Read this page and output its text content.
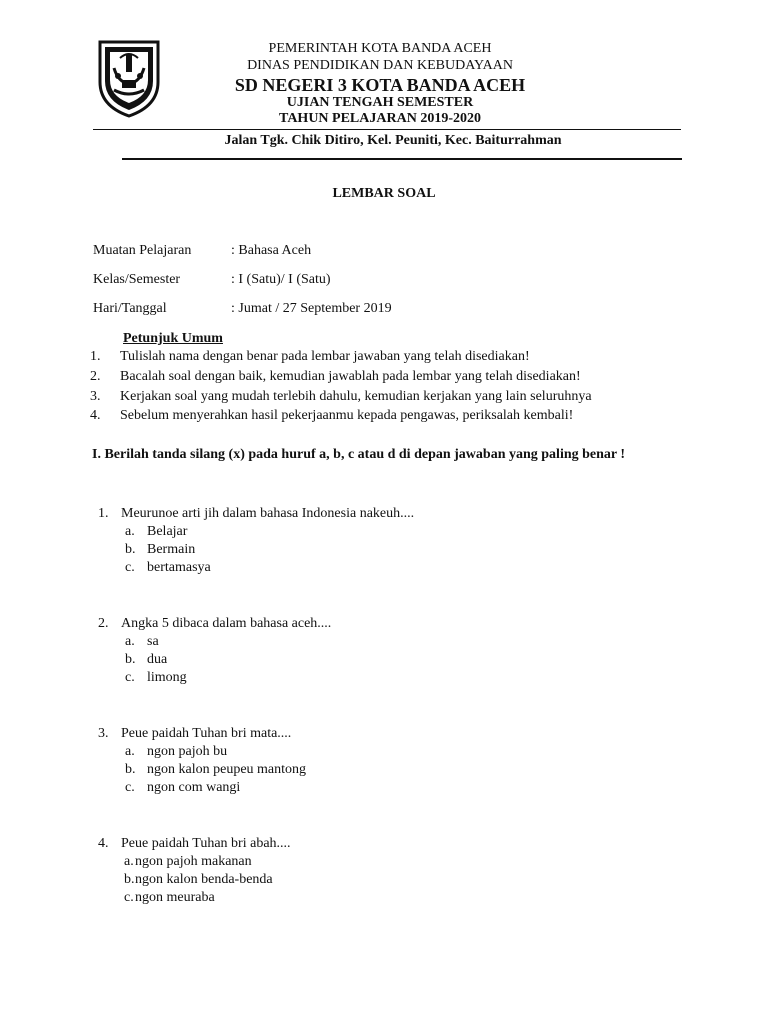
PEMERINTAH KOTA BANDA ACEH
DINAS PENDIDIKAN DAN KEBUDAYAAN
SD NEGERI 3 KOTA BANDA ACEH
UJIAN TENGAH SEMESTER
TAHUN PELAJARAN 2019-2020
Jalan Tgk. Chik Ditiro, Kel. Peuniti, Kec. Baiturrahman
LEMBAR SOAL
Muatan Pelajaran	: Bahasa Aceh
Kelas/Semester	: I (Satu)/ I (Satu)
Hari/Tanggal	: Jumat / 27 September 2019
Petunjuk Umum
1. Tulislah nama dengan benar pada lembar jawaban yang telah disediakan!
2. Bacalah soal dengan baik, kemudian jawablah pada lembar yang telah disediakan!
3. Kerjakan soal yang mudah terlebih dahulu, kemudian kerjakan yang lain seluruhnya
4. Sebelum menyerahkan hasil pekerjaanmu kepada pengawas, periksalah kembali!
I. Berilah tanda silang (x) pada huruf a, b, c atau d di depan jawaban yang paling benar !
1. Meurunoe arti jih dalam bahasa Indonesia nakeuh....
a. Belajar
b. Bermain
c. bertamasya
2. Angka 5 dibaca dalam bahasa aceh....
a. sa
b. dua
c. limong
3. Peue paidah Tuhan bri mata....
a. ngon pajoh bu
b. ngon kalon peupeu mantong
c. ngon com wangi
4. Peue paidah Tuhan bri abah....
a. ngon pajoh makanan
b. ngon kalon benda-benda
c. ngon meuraba
